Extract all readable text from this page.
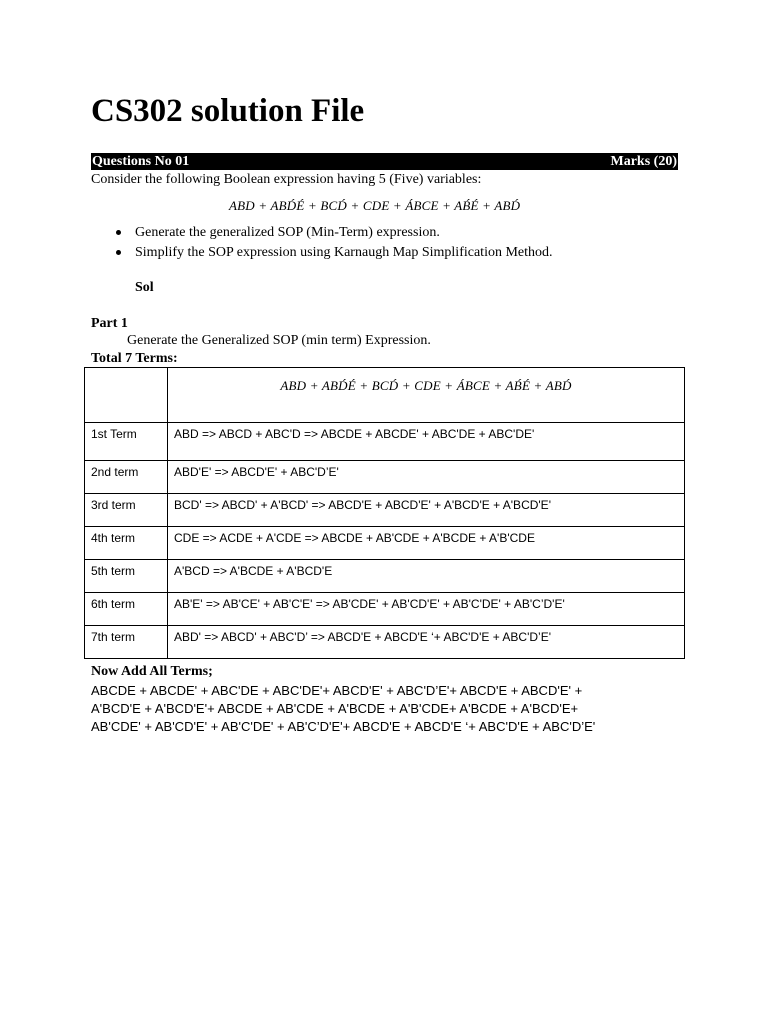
CS302 solution File
Questions No 01	Marks (20)
Consider the following Boolean expression having 5 (Five) variables:
ABD + ABD́É + BCD́ + CDE + ÁBCE + AB́É + ABD́
Generate the generalized SOP (Min-Term) expression.
Simplify the SOP expression using Karnaugh Map Simplification Method.
Sol
Part 1
Generate the Generalized SOP (min term) Expression.
Total 7 Terms:

	ABD + ABD́É + BCD́ + CDE + ÁBCE + AB́É + ABD́

1st Term	ABD => ABCD + ABC'D => ABCDE + ABCDE' + ABC'DE + ABC'DE'
2nd term	ABD'E' => ABCD'E' + ABC'D’E'
3rd term	BCD' => ABCD' + A'BCD' => ABCD'E + ABCD'E' + A'BCD'E + A'BCD'E'
4th term	CDE => ACDE + A'CDE => ABCDE + AB'CDE + A'BCDE + A'B'CDE
5th term	A'BCD => A'BCDE + A'BCD'E
6th term	AB'E' => AB'CE' + AB'C'E' => AB'CDE' + AB'CD'E' + AB'C'DE' + AB'C’D'E'
7th term	ABD' => ABCD' + ABC'D’ => ABCD'E + ABCD'E ‘+ ABC'D'E + ABC'D’E'
Now Add All Terms;
ABCDE + ABCDE' + ABC'DE + ABC'DE'+ ABCD'E' + ABC'D’E'+ ABCD'E + ABCD'E' +
A'BCD'E + A'BCD'E'+ ABCDE + AB'CDE + A'BCDE + A'B'CDE+ A'BCDE + A'BCD'E+
AB'CDE' + AB'CD'E' + AB'C'DE' + AB'C’D'E'+ ABCD'E + ABCD'E ‘+ ABC'D'E + ABC'D’E'
